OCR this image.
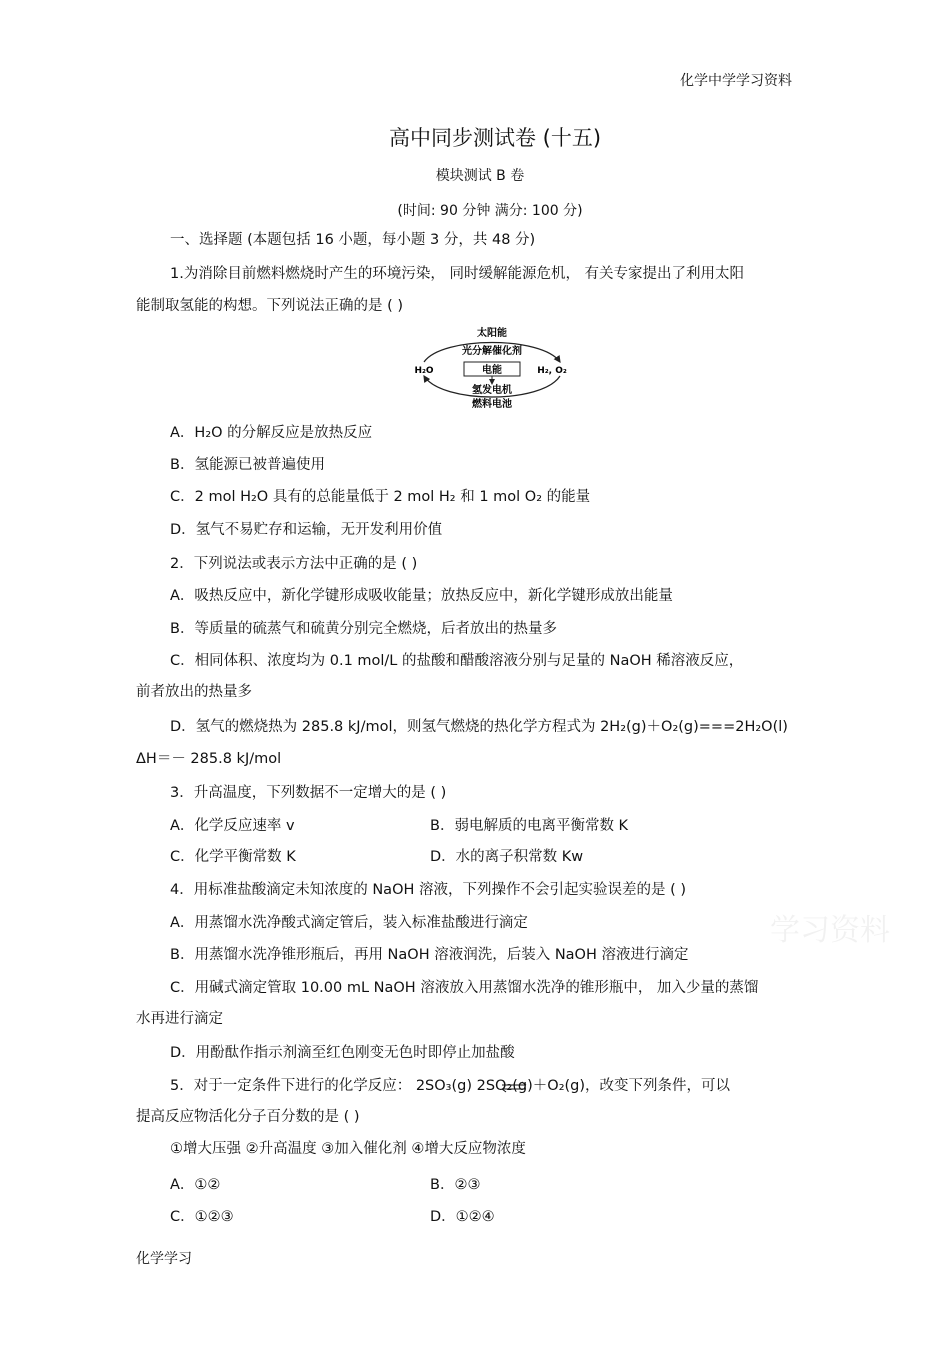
化学中学学习资料
高中同步测试卷 (十五)
模块测试 B 卷
(时间: 90 分钟 满分: 100 分)
一、选择题 (本题包括 16 小题，每小题 3 分，共 48 分)
1.为消除目前燃料燃烧时产生的环境污染， 同时缓解能源危机， 有关专家提出了利用太阳
能制取氢能的构想。下列说法正确的是 ( )
太阳能
光分解催化剂
H₂O	H₂, O₂
电能
氢发电机
燃料电池
A．H₂O 的分解反应是放热反应
B．氢能源已被普遍使用
C．2 mol H₂O 具有的总能量低于 2 mol H₂ 和 1 mol O₂ 的能量
D．氢气不易贮存和运输，无开发利用价值
2．下列说法或表示方法中正确的是 ( )
A．吸热反应中，新化学键形成吸收能量；放热反应中，新化学键形成放出能量
B．等质量的硫蒸气和硫黄分别完全燃烧，后者放出的热量多
C．相同体积、浓度均为 0.1 mol/L 的盐酸和醋酸溶液分别与足量的 NaOH 稀溶液反应，
前者放出的热量多
D．氢气的燃烧热为 285.8 kJ/mol，则氢气燃烧的热化学方程式为 2H₂(g)＋O₂(g)===2H₂O(l)
ΔH＝－ 285.8 kJ/mol
3．升高温度，下列数据不一定增大的是 ( )
A．化学反应速率 v	B．弱电解质的电离平衡常数 K
C．化学平衡常数 K	D．水的离子积常数 Kw
4．用标准盐酸滴定未知浓度的 NaOH 溶液，下列操作不会引起实验误差的是 ( )
A．用蒸馏水洗净酸式滴定管后，装入标准盐酸进行滴定
B．用蒸馏水洗净锥形瓶后，再用 NaOH 溶液润洗，后装入 NaOH 溶液进行滴定
C．用碱式滴定管取 10.00 mL NaOH 溶液放入用蒸馏水洗净的锥形瓶中， 加入少量的蒸馏
水再进行滴定
D．用酚酞作指示剂滴至红色刚变无色时即停止加盐酸
5．对于一定条件下进行的化学反应： 2SO₃(g) 2SO₂(g)＋O₂(g)，改变下列条件，可以
提高反应物活化分子百分数的是 ( )
①增大压强 ②升高温度 ③加入催化剂 ④增大反应物浓度
A．①②	B．②③
C．①②③	D．①②④
学习资料
化学学习
